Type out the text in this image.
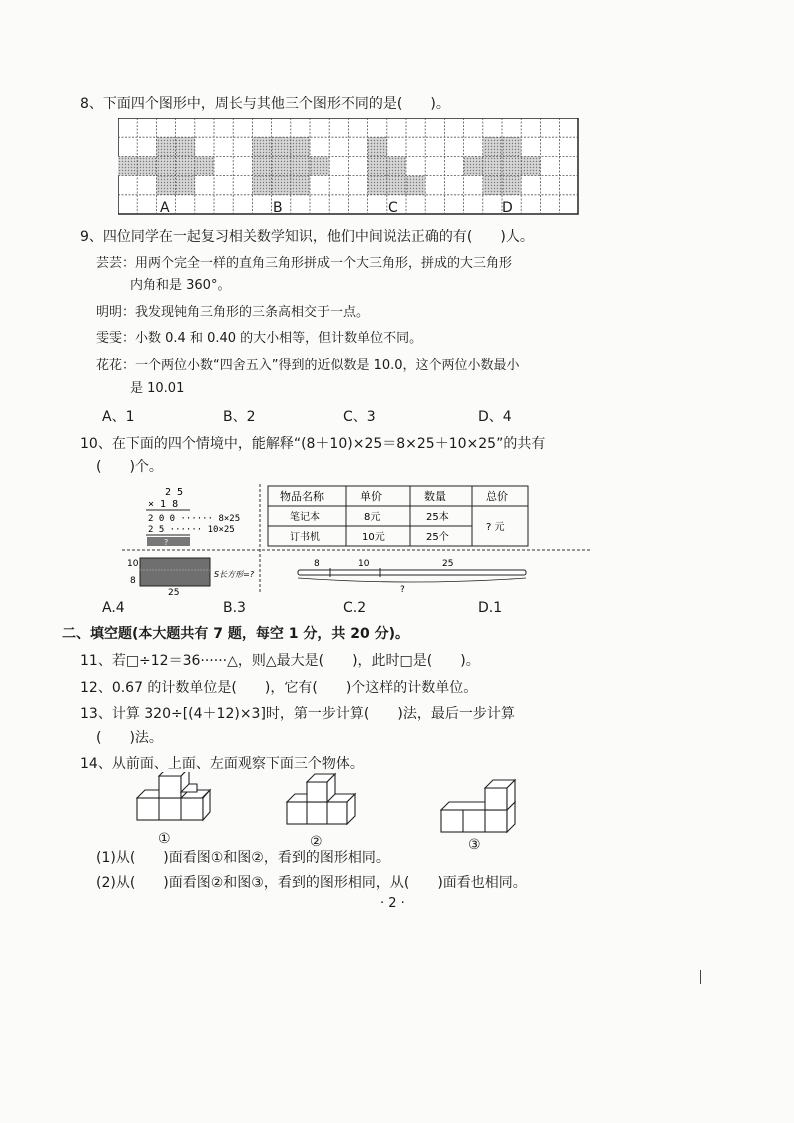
8、下面四个图形中，周长与其他三个图形不同的是(　　)。
A	B	C	D
9、四位同学在一起复习相关数学知识，他们中间说法正确的有(　　)人。
芸芸：用两个完全一样的直角三角形拼成一个大三角形，拼成的大三角形
内角和是 360°。
明明：我发现钝角三角形的三条高相交于一点。
雯雯：小数 0.4 和 0.40 的大小相等，但计数单位不同。
花花：一个两位小数“四舍五入”得到的近似数是 10.0，这个两位小数最小
是 10.01
A、1	B、2	C、3	D、4
10、在下面的四个情境中，能解释“(8＋10)×25＝8×25＋10×25”的共有
(　　)个。
2 5
× 1 8
2 0 0 ······ 8×25
2 5 ······ 10×25
?
物品名称	单价	数量	总价
笔记本	8元	25本
订书机	10元	25个
? 元
10
8
25
S长方形=?
8	10	25
?
A.4	B.3	C.2	D.1
二、填空题(本大题共有 7 题，每空 1 分，共 20 分)。
11、若□÷12＝36······△，则△最大是(　　)，此时□是(　　)。
12、0.67 的计数单位是(　　)，它有(　　)个这样的计数单位。
13、计算 320÷[(4＋12)×3]时，第一步计算(　　)法，最后一步计算
(　　)法。
14、从前面、上面、左面观察下面三个物体。
①	②	③
(1)从(　　)面看图①和图②，看到的图形相同。
(2)从(　　)面看图②和图③，看到的图形相同，从(　　)面看也相同。
· 2 ·
